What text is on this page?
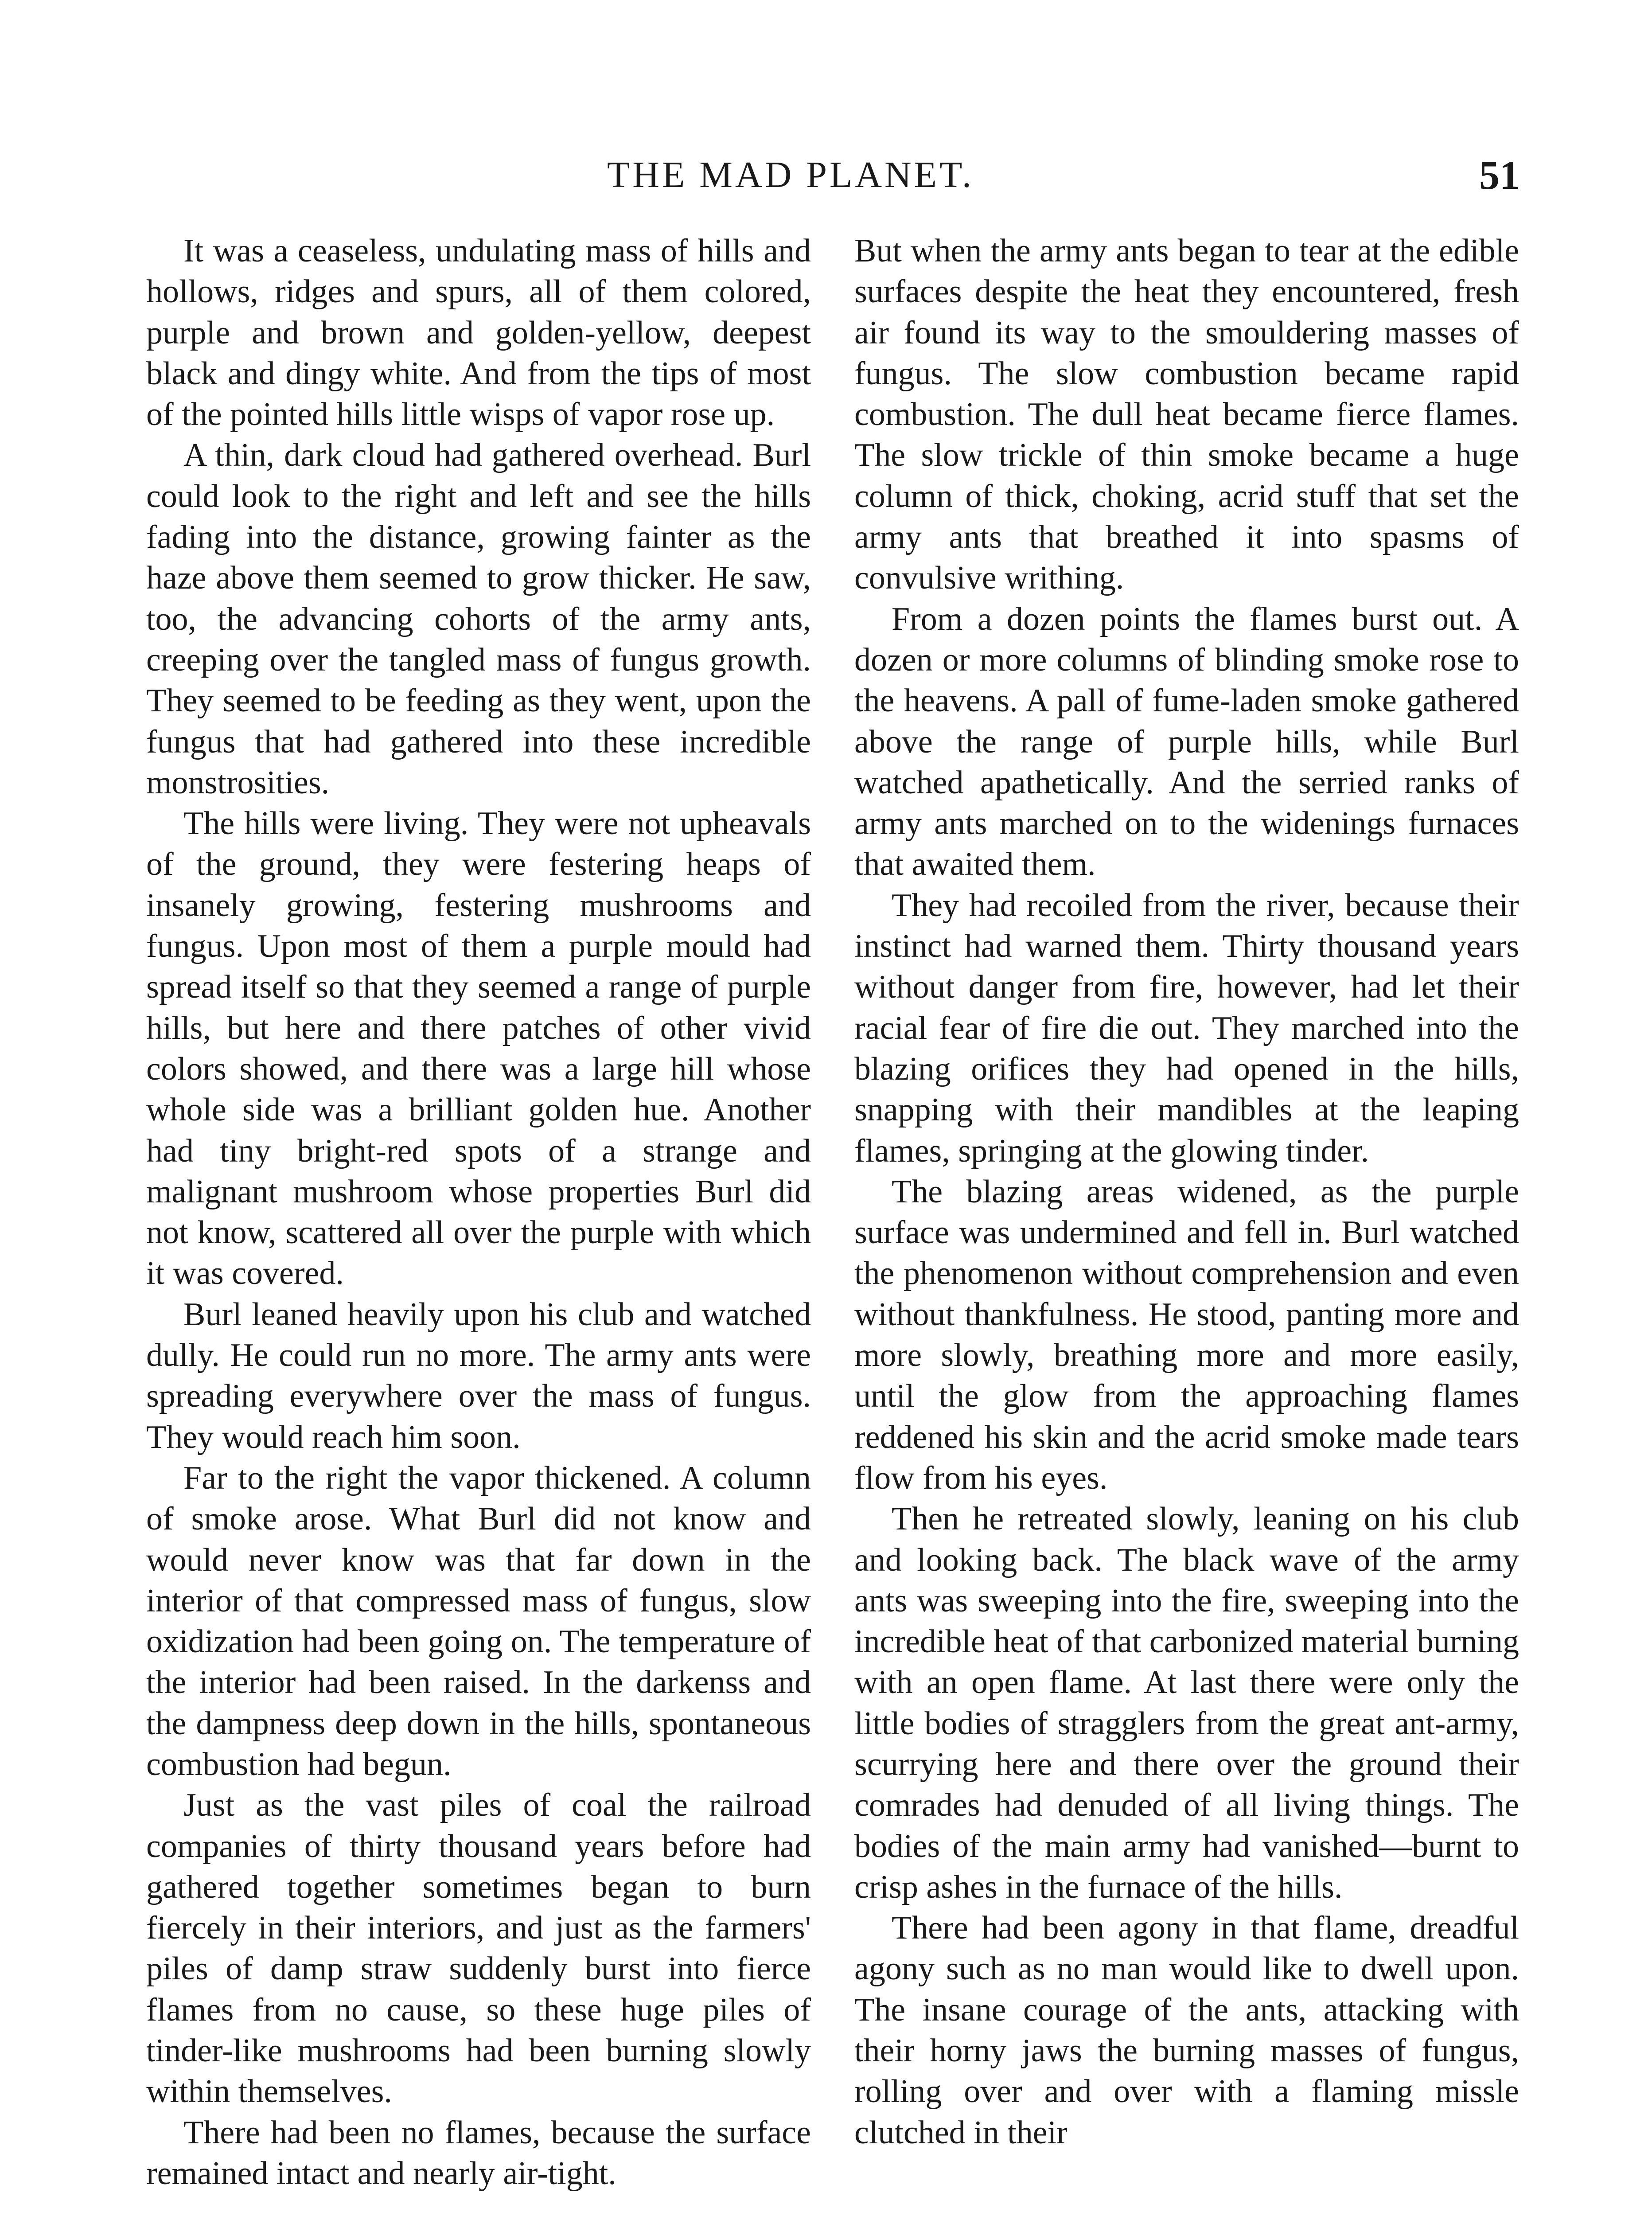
THE MAD PLANET.	51

It was a ceaseless, undulating mass of hills and hollows, ridges and spurs, all of them colored, purple and brown and golden-yellow, deepest black and dingy white. And from the tips of most of the pointed hills little wisps of vapor rose up.

A thin, dark cloud had gathered overhead. Burl could look to the right and left and see the hills fading into the distance, growing fainter as the haze above them seemed to grow thicker. He saw, too, the advancing cohorts of the army ants, creeping over the tangled mass of fungus growth. They seemed to be feeding as they went, upon the fungus that had gathered into these incredible monstrosities.

The hills were living. They were not upheavals of the ground, they were festering heaps of insanely growing, festering mushrooms and fungus. Upon most of them a purple mould had spread itself so that they seemed a range of purple hills, but here and there patches of other vivid colors showed, and there was a large hill whose whole side was a brilliant golden hue. Another had tiny bright-red spots of a strange and malignant mushroom whose properties Burl did not know, scattered all over the purple with which it was covered.

Burl leaned heavily upon his club and watched dully. He could run no more. The army ants were spreading everywhere over the mass of fungus. They would reach him soon.

Far to the right the vapor thickened. A column of smoke arose. What Burl did not know and would never know was that far down in the interior of that compressed mass of fungus, slow oxidization had been going on. The temperature of the interior had been raised. In the darkenss and the dampness deep down in the hills, spontaneous combustion had begun.

Just as the vast piles of coal the railroad companies of thirty thousand years before had gathered together sometimes began to burn fiercely in their interiors, and just as the farmers' piles of damp straw suddenly burst into fierce flames from no cause, so these huge piles of tinder-like mushrooms had been burning slowly within themselves.

There had been no flames, because the surface remained intact and nearly air-tight.

But when the army ants began to tear at the edible surfaces despite the heat they encountered, fresh air found its way to the smouldering masses of fungus. The slow combustion became rapid combustion. The dull heat became fierce flames. The slow trickle of thin smoke became a huge column of thick, choking, acrid stuff that set the army ants that breathed it into spasms of convulsive writhing.

From a dozen points the flames burst out. A dozen or more columns of blinding smoke rose to the heavens. A pall of fume-laden smoke gathered above the range of purple hills, while Burl watched apathetically. And the serried ranks of army ants marched on to the widenings furnaces that awaited them.

They had recoiled from the river, because their instinct had warned them. Thirty thousand years without danger from fire, however, had let their racial fear of fire die out. They marched into the blazing orifices they had opened in the hills, snapping with their mandibles at the leaping flames, springing at the glowing tinder.

The blazing areas widened, as the purple surface was undermined and fell in. Burl watched the phenomenon without comprehension and even without thankfulness. He stood, panting more and more slowly, breathing more and more easily, until the glow from the approaching flames reddened his skin and the acrid smoke made tears flow from his eyes.

Then he retreated slowly, leaning on his club and looking back. The black wave of the army ants was sweeping into the fire, sweeping into the incredible heat of that carbonized material burning with an open flame. At last there were only the little bodies of stragglers from the great ant-army, scurrying here and there over the ground their comrades had denuded of all living things. The bodies of the main army had vanished—burnt to crisp ashes in the furnace of the hills.

There had been agony in that flame, dreadful agony such as no man would like to dwell upon. The insane courage of the ants, attacking with their horny jaws the burning masses of fungus, rolling over and over with a flaming missle clutched in their
